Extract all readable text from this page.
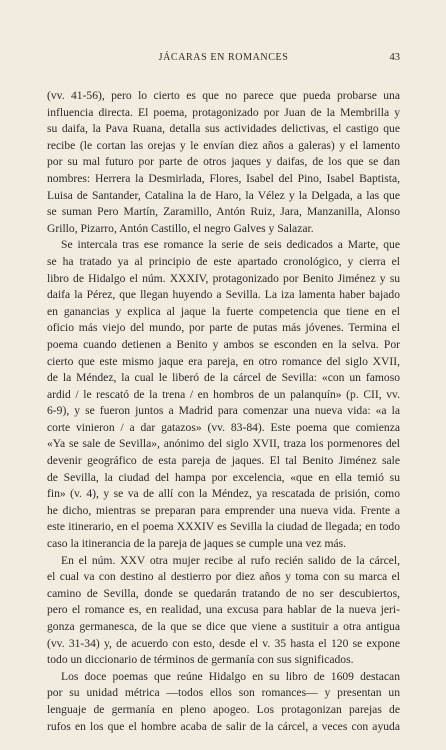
JÁCARAS EN ROMANCES	43
(vv. 41-56), pero lo cierto es que no parece que pueda probarse una
influencia directa. El poema, protagonizado por Juan de la Membrilla y
su daifa, la Pava Ruana, detalla sus actividades delictivas, el castigo que
recibe (le cortan las orejas y le envían diez años a galeras) y el lamento
por su mal futuro por parte de otros jaques y daifas, de los que se dan
nombres: Herrera la Desmirlada, Flores, Isabel del Pino, Isabel Baptista,
Luisa de Santander, Catalina la de Haro, la Vélez y la Delgada, a las que
se suman Pero Martín, Zaramillo, Antón Ruiz, Jara, Manzanilla, Alonso
Grillo, Pizarro, Antón Castillo, el negro Galves y Salazar.
Se intercala tras ese romance la serie de seis dedicados a Marte, que
se ha tratado ya al principio de este apartado cronológico, y cierra el
libro de Hidalgo el núm. XXXIV, protagonizado por Benito Jiménez y su
daifa la Pérez, que llegan huyendo a Sevilla. La iza lamenta haber bajado
en ganancias y explica al jaque la fuerte competencia que tiene en el
oficio más viejo del mundo, por parte de putas más jóvenes. Termina el
poema cuando detienen a Benito y ambos se esconden en la selva. Por
cierto que este mismo jaque era pareja, en otro romance del siglo XVII,
de la Méndez, la cual le liberó de la cárcel de Sevilla: «con un famoso
ardid / le rescató de la trena / en hombros de un palanquín» (p. CII, vv.
6-9), y se fueron juntos a Madrid para comenzar una nueva vida: «a la
corte vinieron / a dar gatazos» (vv. 83-84). Este poema que comienza
«Ya se sale de Sevilla», anónimo del siglo XVII, traza los pormenores del
devenir geográfico de esta pareja de jaques. El tal Benito Jiménez sale
de Sevilla, la ciudad del hampa por excelencia, «que en ella temió su
fin» (v. 4), y se va de allí con la Méndez, ya rescatada de prisión, como
he dicho, mientras se preparan para emprender una nueva vida. Frente a
este itinerario, en el poema XXXIV es Sevilla la ciudad de llegada; en todo
caso la itinerancia de la pareja de jaques se cumple una vez más.
En el núm. XXV otra mujer recibe al rufo recién salido de la cárcel,
el cual va con destino al destierro por diez años y toma con su marca el
camino de Sevilla, donde se quedarán tratando de no ser descubiertos,
pero el romance es, en realidad, una excusa para hablar de la nueva jeri-
gonza germanesca, de la que se dice que viene a sustituir a otra antigua
(vv. 31-34) y, de acuerdo con esto, desde el v. 35 hasta el 120 se expone
todo un diccionario de términos de germanía con sus significados.
Los doce poemas que reúne Hidalgo en su libro de 1609 destacan
por su unidad métrica —todos ellos son romances— y presentan un
lenguaje de germanía en pleno apogeo. Los protagonizan parejas de
rufos en los que el hombre acaba de salir de la cárcel, a veces con ayuda
